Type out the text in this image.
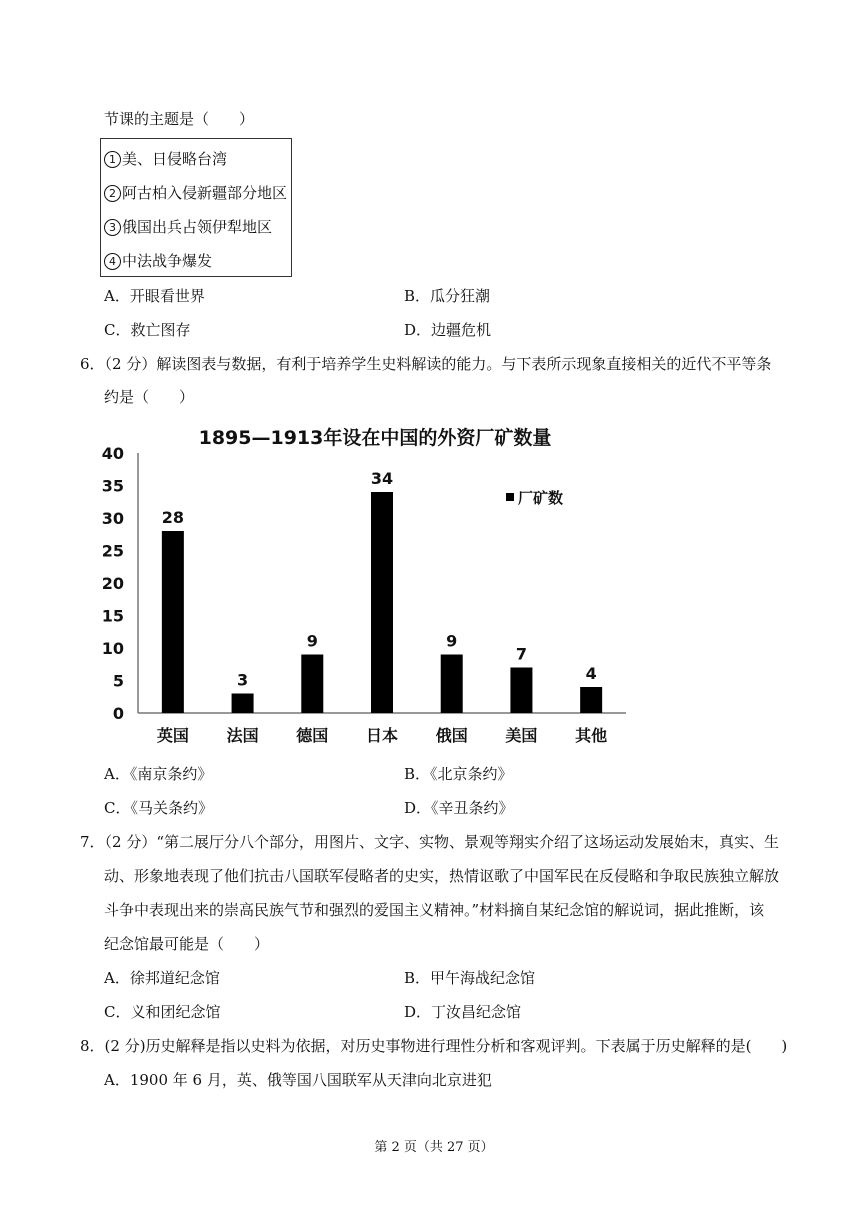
节课的主题是（　　）
1 美、日侵略台湾
2 阿古柏入侵新疆部分地区
3 俄国出兵占领伊犁地区
4 中法战争爆发
A．开眼看世界	B．瓜分狂潮
C．救亡图存	D．边疆危机
6．（2 分）解读图表与数据，有利于培养学生史料解读的能力。与下表所示现象直接相关的近代不平等条
约是（　　）
1895—1913年设在中国的外资厂矿数量
0
5
10
15
20
25
30
35
40
28
3
9
34
9
7
4
英国 法国 德国 日本 俄国 美国 其他
厂矿数
A．《南京条约》	B．《北京条约》
C．《马关条约》	D．《辛丑条约》
7．（2 分）“第二展厅分八个部分，用图片、文字、实物、景观等翔实介绍了这场运动发展始末，真实、生
动、形象地表现了他们抗击八国联军侵略者的史实，热情讴歌了中国军民在反侵略和争取民族独立解放
斗争中表现出来的崇高民族气节和强烈的爱国主义精神。”材料摘自某纪念馆的解说词，据此推断，该
纪念馆最可能是（　　）
A．徐邦道纪念馆	B．甲午海战纪念馆
C．义和团纪念馆	D．丁汝昌纪念馆
8．(2 分)历史解释是指以史料为依据，对历史事物进行理性分析和客观评判。下表属于历史解释的是(　　)
A．1900 年 6 月，英、俄等国八国联军从天津向北京进犯
第 2 页（共 27 页）
